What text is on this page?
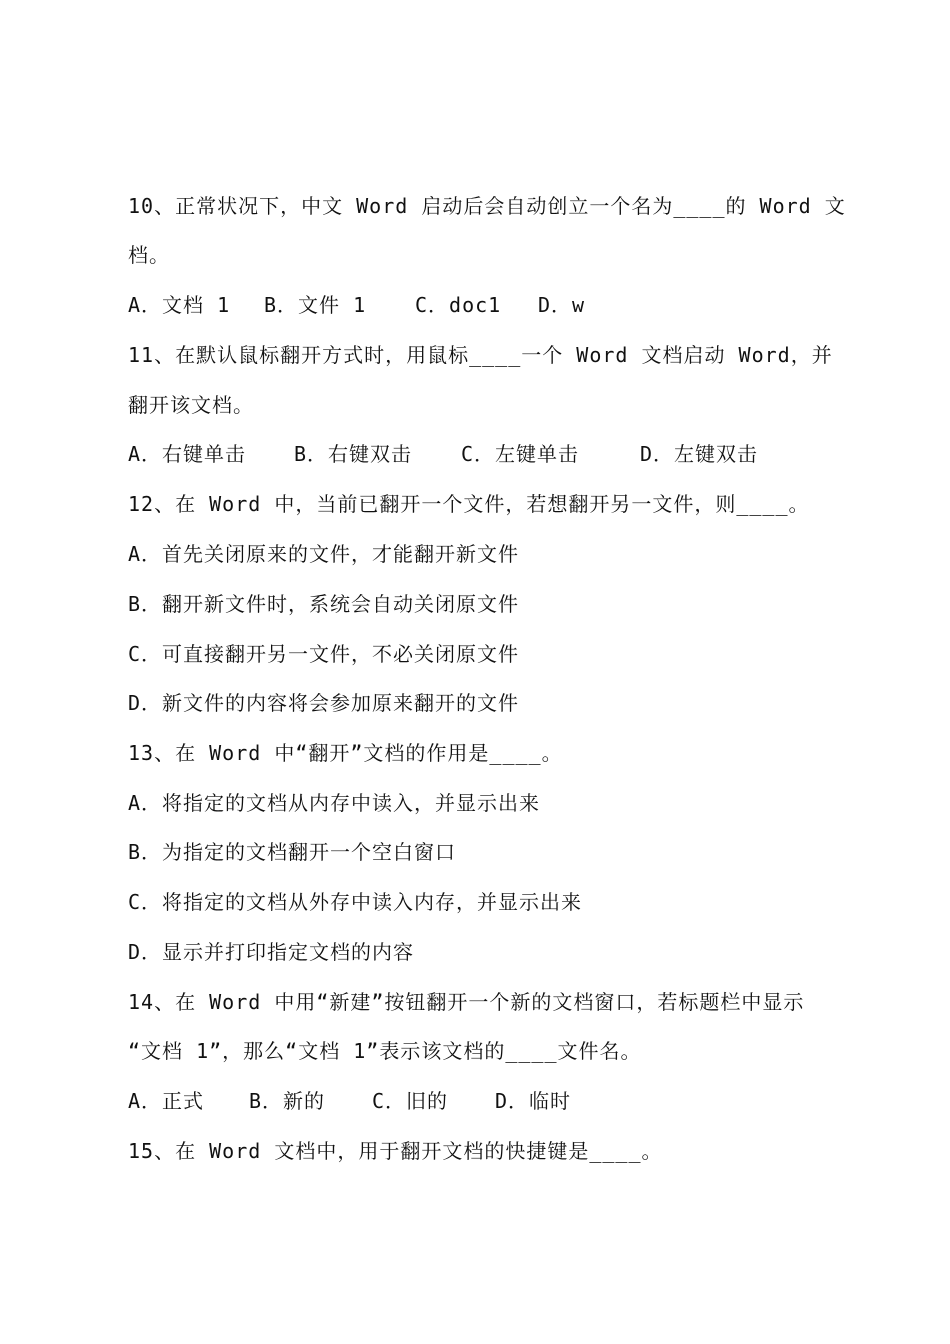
10、正常状况下，中文 Word 启动后会自动创立一个名为____的 Word 文
档。

A．文档 1

B．文件 1

C．doc1

D．w

11、在默认鼠标翻开方式时，用鼠标____一个 Word 文档启动 Word，并
翻开该文档。

A．右键单击

B．右键双击

C．左键单击

	D．左键双击

12、在 Word 中，当前已翻开一个文件，若想翻开另一文件，则____。
A．首先关闭原来的文件，才能翻开新文件
B．翻开新文件时，系统会自动关闭原文件
C．可直接翻开另一文件，不必关闭原文件
D．新文件的内容将会参加原来翻开的文件
13、在 Word 中“翻开”文档的作用是____。
A．将指定的文档从内存中读入，并显示出来
B．为指定的文档翻开一个空白窗口
C．将指定的文档从外存中读入内存，并显示出来
D．显示并打印指定文档的内容
14、在 Word 中用“新建”按钮翻开一个新的文档窗口，若标题栏中显示
“文档 1”，那么“文档 1”表示该文档的____文件名。

A．正式

B．新的

C．旧的

D．临时

15、在 Word 文档中，用于翻开文档的快捷键是____。
